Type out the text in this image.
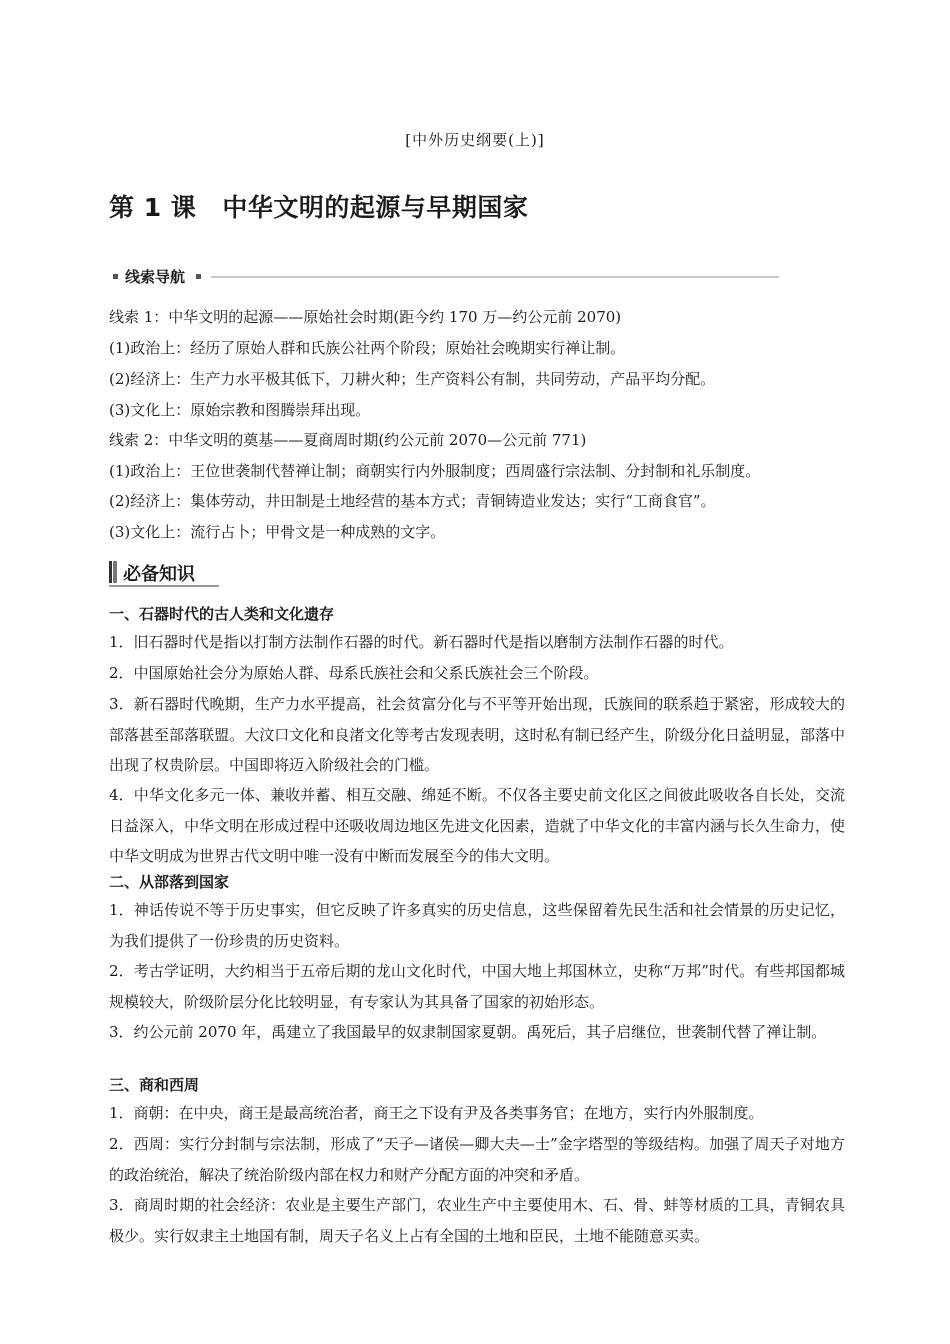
[中外历史纲要(上)]
第 1 课 中华文明的起源与早期国家
线索导航
线索 1：中华文明的起源——原始社会时期(距今约 170 万—约公元前 2070)
(1)政治上：经历了原始人群和氏族公社两个阶段；原始社会晚期实行禅让制。
(2)经济上：生产力水平极其低下，刀耕火种；生产资料公有制，共同劳动，产品平均分配。
(3)文化上：原始宗教和图腾崇拜出现。
线索 2：中华文明的奠基——夏商周时期(约公元前 2070—公元前 771)
(1)政治上：王位世袭制代替禅让制；商朝实行内外服制度；西周盛行宗法制、分封制和礼乐制度。
(2)经济上：集体劳动，井田制是土地经营的基本方式；青铜铸造业发达；实行“工商食官”。
(3)文化上：流行占卜；甲骨文是一种成熟的文字。
必备知识
一、石器时代的古人类和文化遗存
1．旧石器时代是指以打制方法制作石器的时代。新石器时代是指以磨制方法制作石器的时代。
2．中国原始社会分为原始人群、母系氏族社会和父系氏族社会三个阶段。
3．新石器时代晚期，生产力水平提高，社会贫富分化与不平等开始出现，氏族间的联系趋于紧密，形成较大的部落甚至部落联盟。大汶口文化和良渚文化等考古发现表明，这时私有制已经产生，阶级分化日益明显，部落中出现了权贵阶层。中国即将迈入阶级社会的门槛。
4．中华文化多元一体、兼收并蓄、相互交融、绵延不断。不仅各主要史前文化区之间彼此吸收各自长处，交流日益深入，中华文明在形成过程中还吸收周边地区先进文化因素，造就了中华文化的丰富内涵与长久生命力，使中华文明成为世界古代文明中唯一没有中断而发展至今的伟大文明。
二、从部落到国家
1．神话传说不等于历史事实，但它反映了许多真实的历史信息，这些保留着先民生活和社会情景的历史记忆，为我们提供了一份珍贵的历史资料。
2．考古学证明，大约相当于五帝后期的龙山文化时代，中国大地上邦国林立，史称“万邦”时代。有些邦国都城规模较大，阶级阶层分化比较明显，有专家认为其具备了国家的初始形态。
3．约公元前 2070 年，禹建立了我国最早的奴隶制国家夏朝。禹死后，其子启继位，世袭制代替了禅让制。
三、商和西周
1．商朝：在中央，商王是最高统治者，商王之下设有尹及各类事务官；在地方，实行内外服制度。
2．西周：实行分封制与宗法制，形成了“天子—诸侯—卿大夫—士”金字塔型的等级结构。加强了周天子对地方的政治统治，解决了统治阶级内部在权力和财产分配方面的冲突和矛盾。
3．商周时期的社会经济：农业是主要生产部门，农业生产中主要使用木、石、骨、蚌等材质的工具，青铜农具极少。实行奴隶主土地国有制，周天子名义上占有全国的土地和臣民，土地不能随意买卖。
